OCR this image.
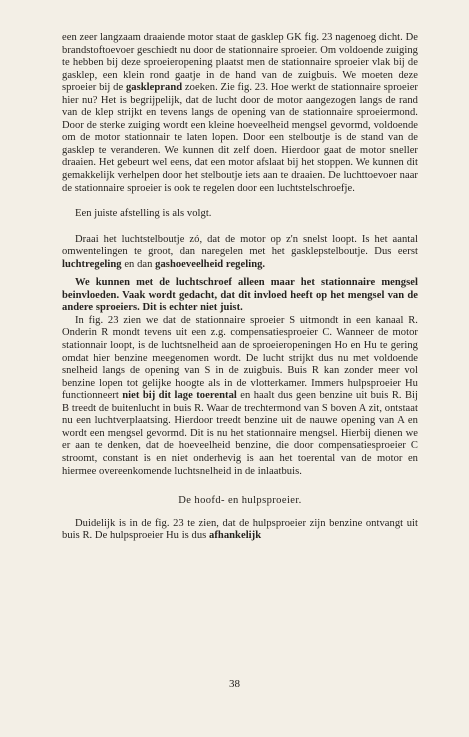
een zeer langzaam draaiende motor staat de gasklep GK fig. 23 nagenoeg dicht. De brandstoftoevoer geschiedt nu door de stationnaire sproeier. Om voldoende zuiging te hebben bij deze sproeieropening plaatst men de stationnaire sproeier vlak bij de gasklep, een klein rond gaatje in de hand van de zuigbuis. We moeten deze sproeier bij de gaskleprand zoeken. Zie fig. 23. Hoe werkt de stationnaire sproeier hier nu? Het is begrijpelijk, dat de lucht door de motor aangezogen langs de rand van de klep strijkt en tevens langs de opening van de stationnaire sproeiermond. Door de sterke zuiging wordt een kleine hoeveelheid mengsel gevormd, voldoende om de motor stationnair te laten lopen. Door een stelboutje is de stand van de gasklep te veranderen. We kunnen dit zelf doen. Hierdoor gaat de motor sneller draaien. Het gebeurt wel eens, dat een motor afslaat bij het stoppen. We kunnen dit gemakkelijk verhelpen door het stelboutje iets aan te draaien. De luchttoevoer naar de stationnaire sproeier is ook te regelen door een luchtstelschroefje.

Een juiste afstelling is als volgt.

Draai het luchtstelboutje zó, dat de motor op z'n snelst loopt. Is het aantal omwentelingen te groot, dan naregelen met het gasklepstelboutje. Dus eerst luchtregeling en dan gashoeveelheid regeling.

We kunnen met de luchtschroef alleen maar het stationnaire mengsel beinvloeden. Vaak wordt gedacht, dat dit invloed heeft op het mengsel van de andere sproeiers. Dit is echter niet juist.

In fig. 23 zien we dat de stationnaire sproeier S uitmondt in een kanaal R. Onderin R mondt tevens uit een z.g. compensatiesproeier C. Wanneer de motor stationnair loopt, is de luchtsnelheid aan de sproeieropeningen Ho en Hu te gering omdat hier benzine meegenomen wordt. De lucht strijkt dus nu met voldoende snelheid langs de opening van S in de zuigbuis. Buis R kan zonder meer vol benzine lopen tot gelijke hoogte als in de vlotterkamer. Immers hulpsproeier Hu functionneert niet bij dit lage toerental en haalt dus geen benzine uit buis R. Bij B treedt de buitenlucht in buis R. Waar de trechtermond van S boven A zit, ontstaat nu een luchtverplaatsing. Hierdoor treedt benzine uit de nauwe opening van A en wordt een mengsel gevormd. Dit is nu het stationnaire mengsel. Hierbij dienen we er aan te denken, dat de hoeveelheid benzine, die door compensatiesproeier C stroomt, constant is en niet onderhevig is aan het toerental van de motor en hiermee overeenkomende luchtsnelheid in de inlaatbuis.

De hoofd- en hulpsproeier.

Duidelijk is in de fig. 23 te zien, dat de hulpsproeier zijn benzine ontvangt uit buis R. De hulpsproeier Hu is dus afhankelijk

38
